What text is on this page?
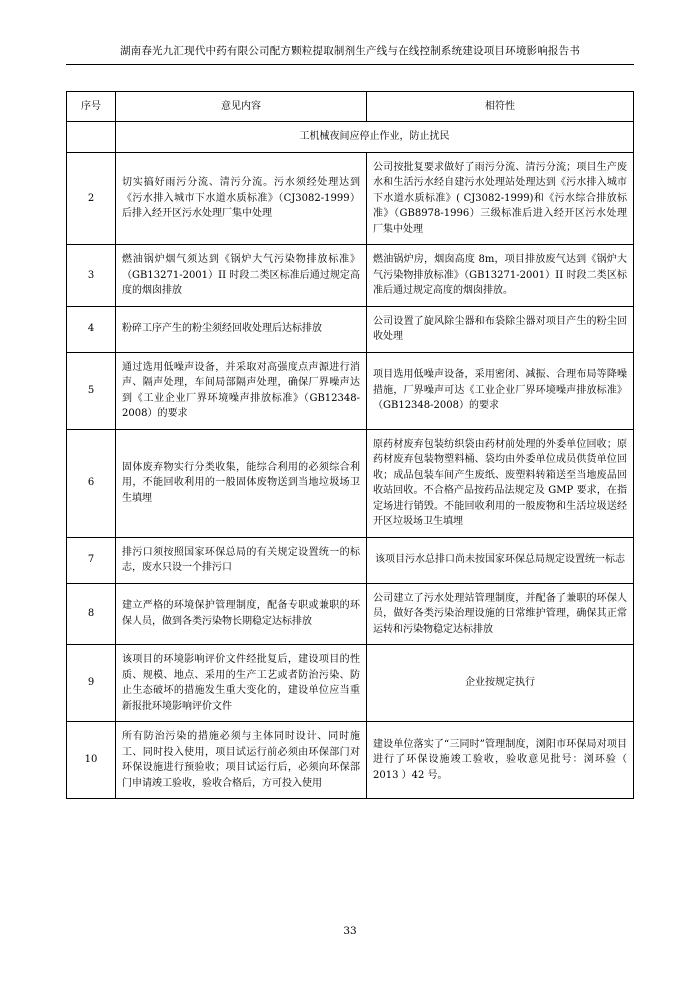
湖南春光九汇现代中药有限公司配方颗粒提取制剂生产线与在线控制系统建设项目环境影响报告书
序号	意见内容	相符性
	工机械夜间应停止作业，防止扰民	
2	切实搞好雨污分流、清污分流。污水须经处理达到《污水排入城市下水道水质标准》（CJ3082-1999）后排入经开区污水处理厂集中处理	公司按批复要求做好了雨污分流、清污分流；项目生产废水和生活污水经自建污水处理站处理达到《污水排入城市下水道水质标准》( CJ3082-1999)和《污水综合排放标准》（GB8978-1996）三级标准后进入经开区污水处理厂集中处理
3	燃油锅炉烟气须达到《锅炉大气污染物排放标准》（GB13271-2001）II 时段二类区标准后通过规定高度的烟囱排放	燃油锅炉房，烟囱高度 8m，项目排放废气达到《锅炉大气污染物排放标准》（GB13271-2001）II 时段二类区标准后通过规定高度的烟囱排放。
4	粉碎工序产生的粉尘须经回收处理后达标排放	公司设置了旋风除尘器和布袋除尘器对项目产生的粉尘回收处理
5	通过选用低噪声设备，并采取对高强度点声源进行消声、隔声处理，车间局部隔声处理，确保厂界噪声达到《工业企业厂界环境噪声排放标准》（GB12348-2008）的要求	项目选用低噪声设备，采用密闭、减振、合理布局等降噪措施，厂界噪声可达《工业企业厂界环境噪声排放标准》（GB12348-2008）的要求
6	固体废弃物实行分类收集，能综合利用的必须综合利用，不能回收利用的一般固体废物送到当地垃圾场卫生填埋	原药材废弃包装纺织袋由药材前处理的外委单位回收；原药材废弃包装物塑料桶、袋均由外委单位成员供货单位回收；成品包装车间产生废纸、废塑料转箱送至当地废品回收站回收。不合格产品按药品法规定及 GMP 要求，在指定场进行销毁。不能回收利用的一般废物和生活垃圾送经开区垃圾场卫生填埋
7	排污口须按照国家环保总局的有关规定设置统一的标志，废水只设一个排污口	该项目污水总排口尚未按国家环保总局规定设置统一标志
8	建立严格的环境保护管理制度，配备专职或兼职的环保人员，做到各类污染物长期稳定达标排放	公司建立了污水处理站管理制度，并配备了兼职的环保人员，做好各类污染治理设施的日常维护管理，确保其正常运转和污染物稳定达标排放
9	该项目的环境影响评价文件经批复后，建设项目的性质、规模、地点、采用的生产工艺或者防治污染、防止生态破坏的措施发生重大变化的，建设单位应当重新报批环境影响评价文件	企业按规定执行
10	所有防治污染的措施必须与主体同时设计、同时施工、同时投入使用，项目试运行前必须由环保部门对环保设施进行预验收；项目试运行后，必须向环保部门申请竣工验收，验收合格后，方可投入使用	建设单位落实了“三同时”管理制度，浏阳市环保局对项目进行了环保设施竣工验收，验收意见批号：浏环验（ 2013 ）42 号。
33
